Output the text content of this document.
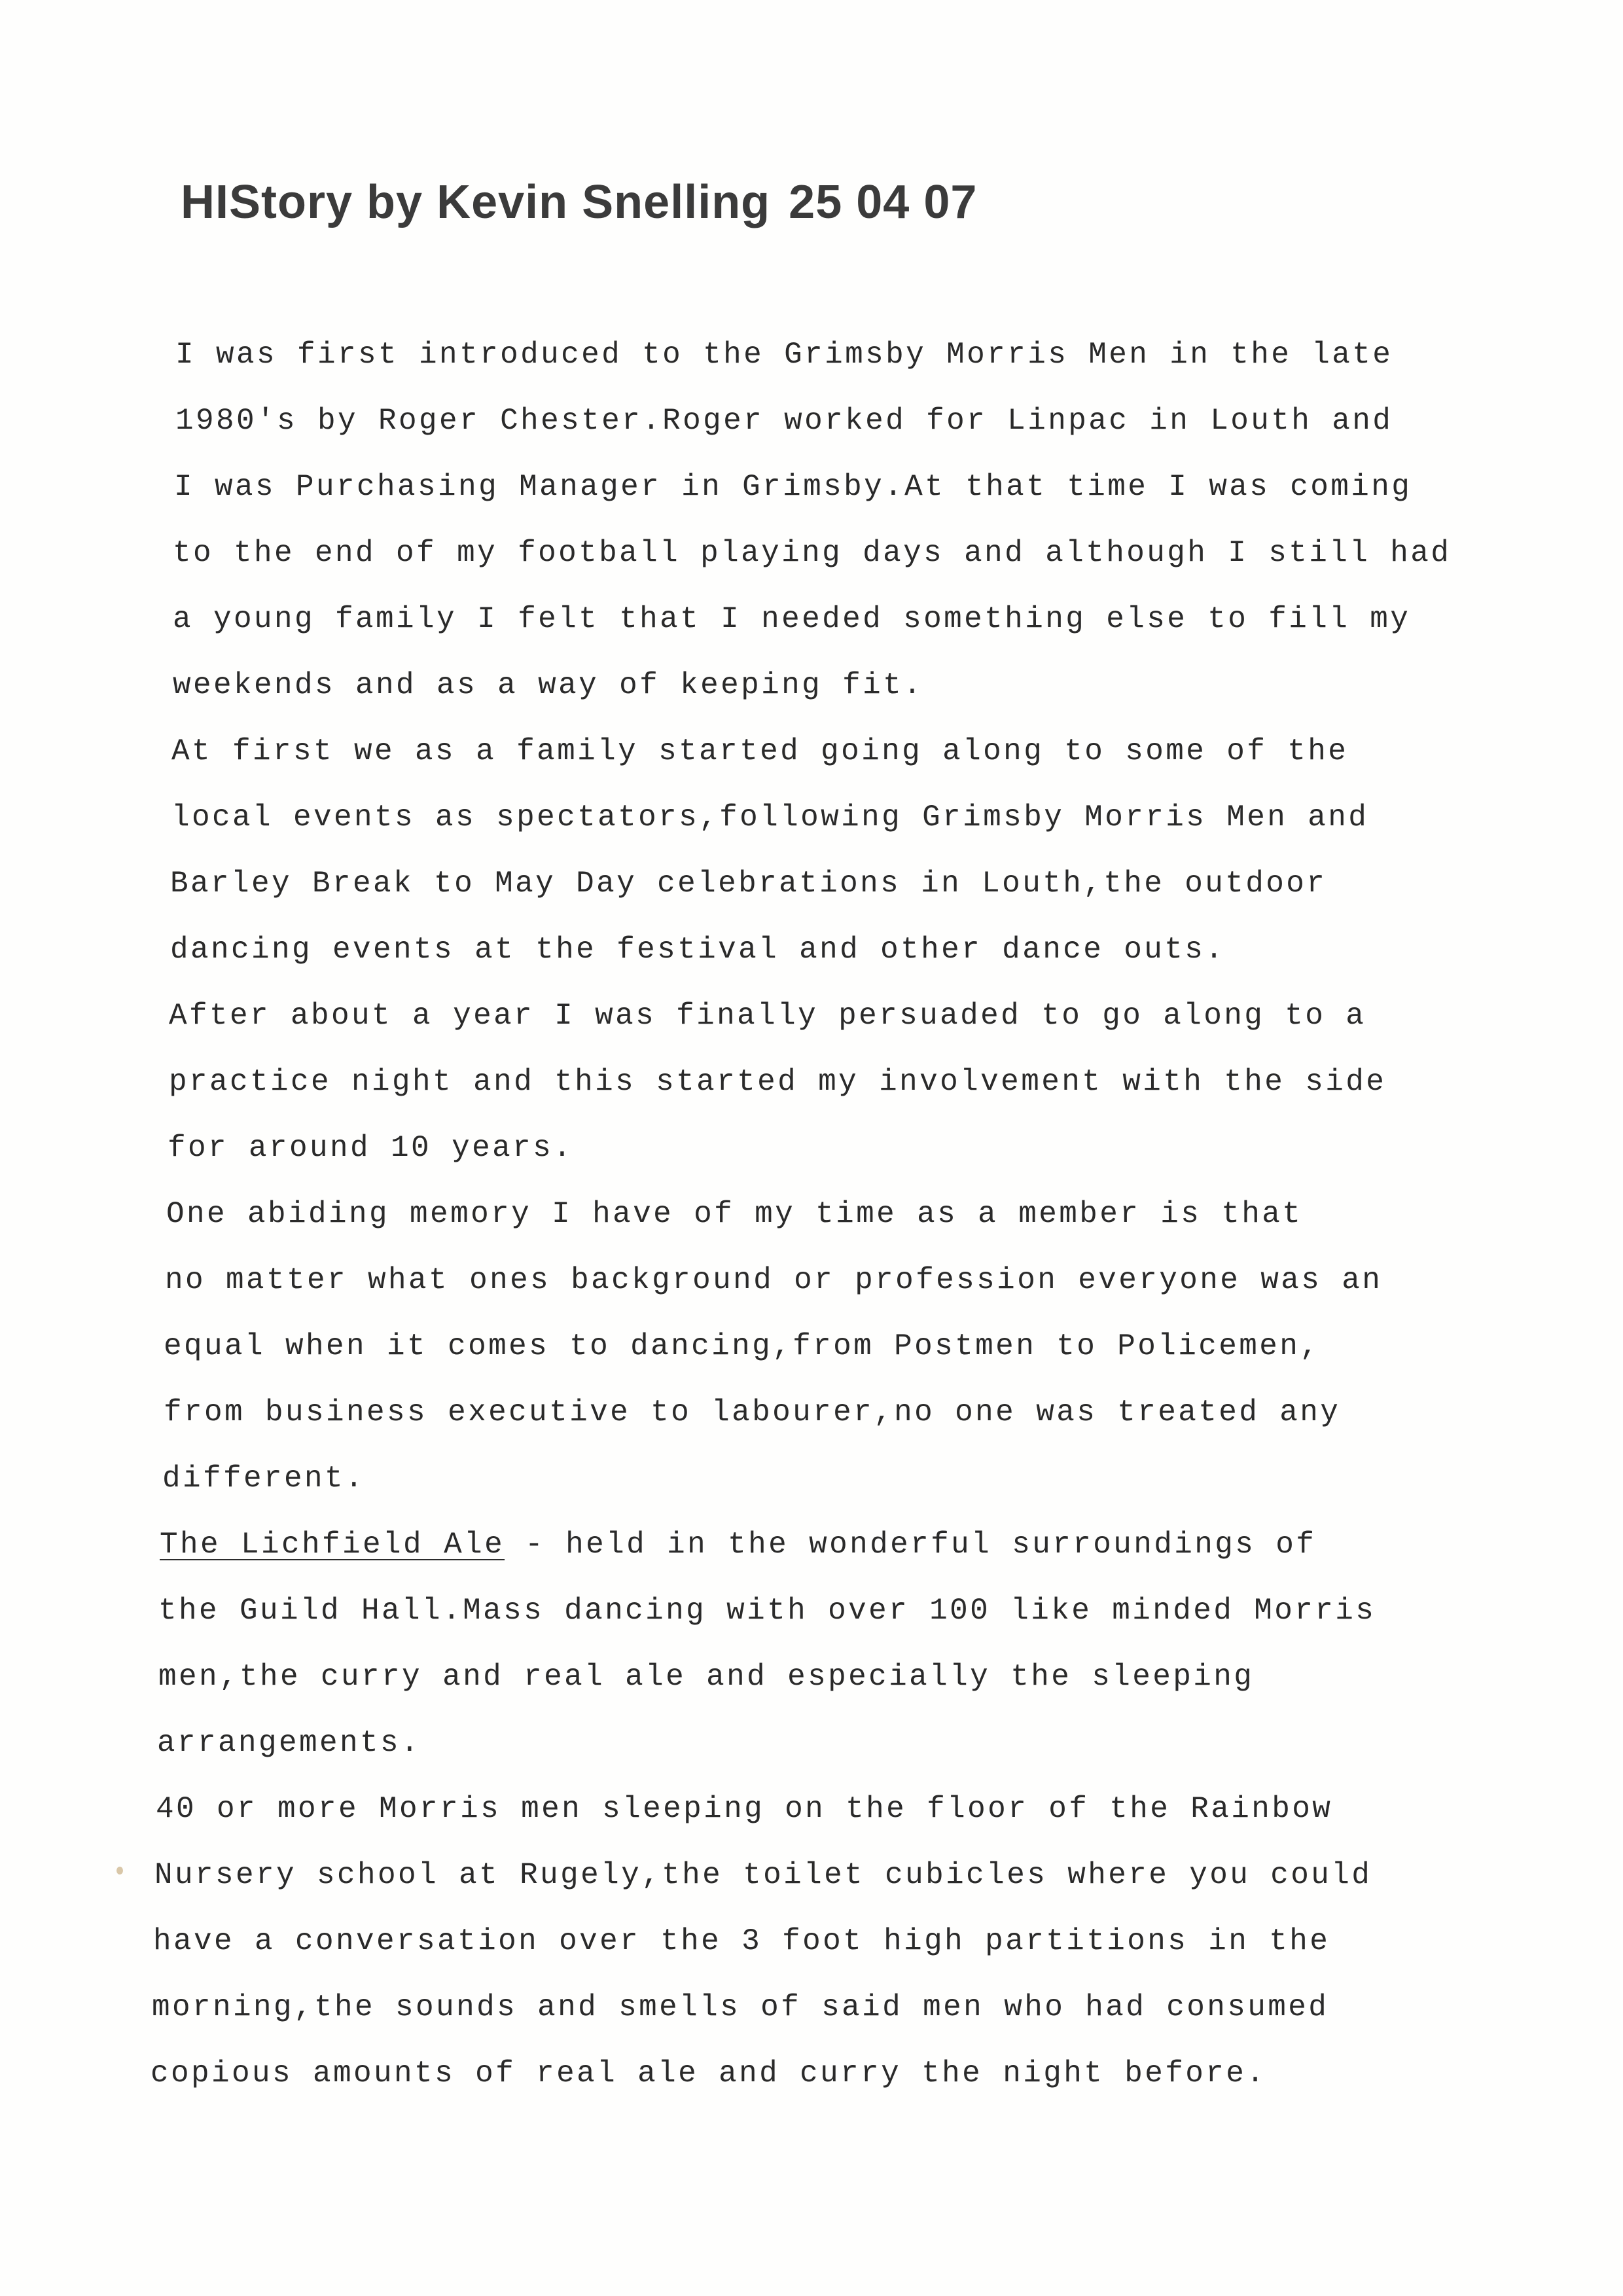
HIStory by Kevin Snelling 25 04 07
I was first introduced to the Grimsby Morris Men in the late
1980's by Roger Chester.Roger worked for Linpac in Louth and
I was Purchasing Manager in Grimsby.At that time I was coming
to the end of my football playing days and although I still had
a young family I felt that I needed something else to fill my
weekends and as a way of keeping fit.
At first we as a family started going along to some of the
local events as spectators,following Grimsby Morris Men and
Barley Break to May Day celebrations in Louth,the outdoor
dancing events at the festival and other dance outs.
After about a year I was finally persuaded to go along to a
practice night and this started my involvement with the side
for around 10 years.
One abiding memory I have of my time as a member is that
no matter what ones background or profession everyone was an
equal when it comes to dancing,from Postmen to Policemen,
from business executive to labourer,no one was treated any
different.
The Lichfield Ale - held in the wonderful surroundings of
the Guild Hall.Mass dancing with over 100 like minded Morris
men,the curry and real ale and especially the sleeping
arrangements.
40 or more Morris men sleeping on the floor of the Rainbow
Nursery school at Rugely,the toilet cubicles where you could
have a conversation over the 3 foot high partitions in the
morning,the sounds and smells of said men who had consumed
copious amounts of real ale and curry the night before.
